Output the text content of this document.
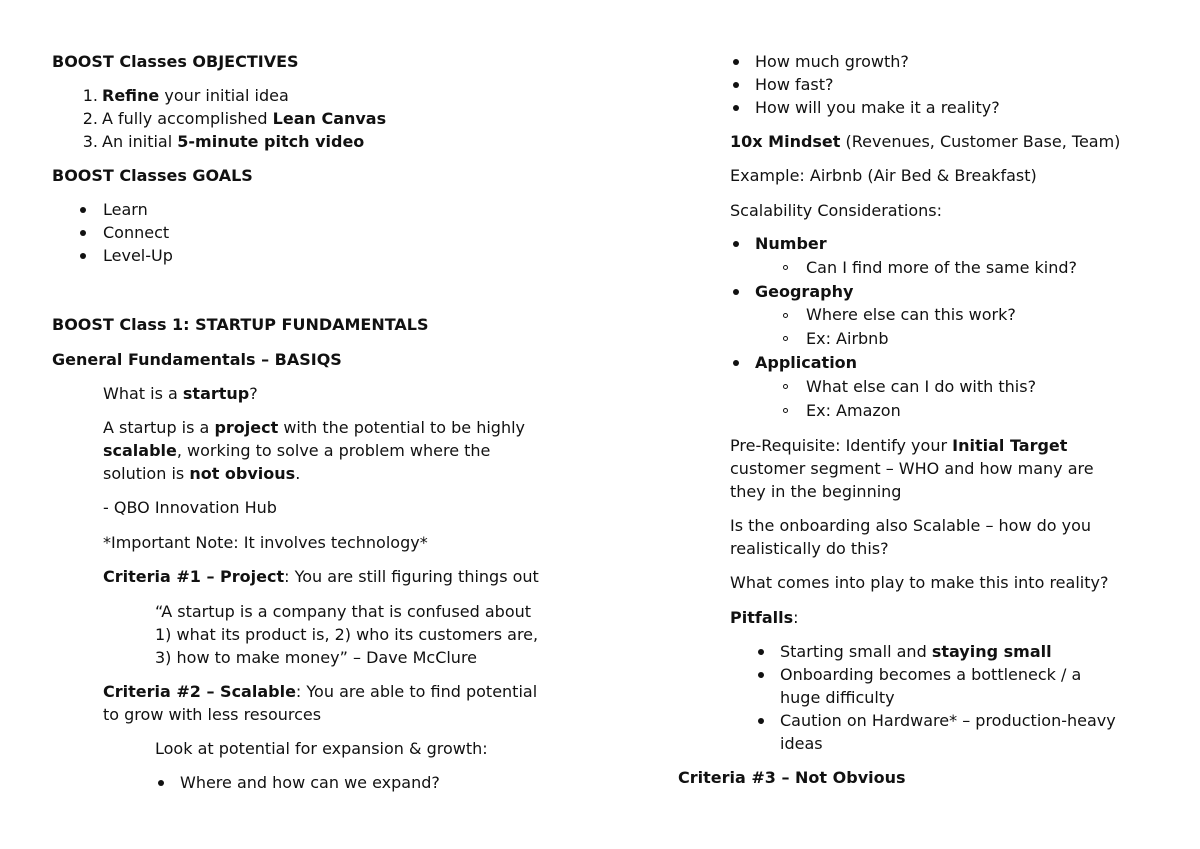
BOOST Classes OBJECTIVES
1. Refine your initial idea
2. A fully accomplished Lean Canvas
3. An initial 5-minute pitch video
BOOST Classes GOALS
Learn
Connect
Level-Up
BOOST Class 1: STARTUP FUNDAMENTALS
General Fundamentals – BASIQS
What is a startup?
A startup is a project with the potential to be highly
scalable, working to solve a problem where the
solution is not obvious.
- QBO Innovation Hub
*Important Note: It involves technology*
Criteria #1 – Project: You are still figuring things out
“A startup is a company that is confused about
1) what its product is, 2) who its customers are,
3) how to make money” – Dave McClure
Criteria #2 – Scalable: You are able to find potential
to grow with less resources
Look at potential for expansion & growth:
Where and how can we expand?
How much growth?
How fast?
How will you make it a reality?
10x Mindset (Revenues, Customer Base, Team)
Example: Airbnb (Air Bed & Breakfast)
Scalability Considerations:
Number
Can I find more of the same kind?
Geography
Where else can this work?
Ex: Airbnb
Application
What else can I do with this?
Ex: Amazon
Pre-Requisite: Identify your Initial Target
customer segment – WHO and how many are
they in the beginning
Is the onboarding also Scalable – how do you
realistically do this?
What comes into play to make this into reality?
Pitfalls:
Starting small and staying small
Onboarding becomes a bottleneck / a
huge difficulty
Caution on Hardware* – production-heavy
ideas
Criteria #3 – Not Obvious
